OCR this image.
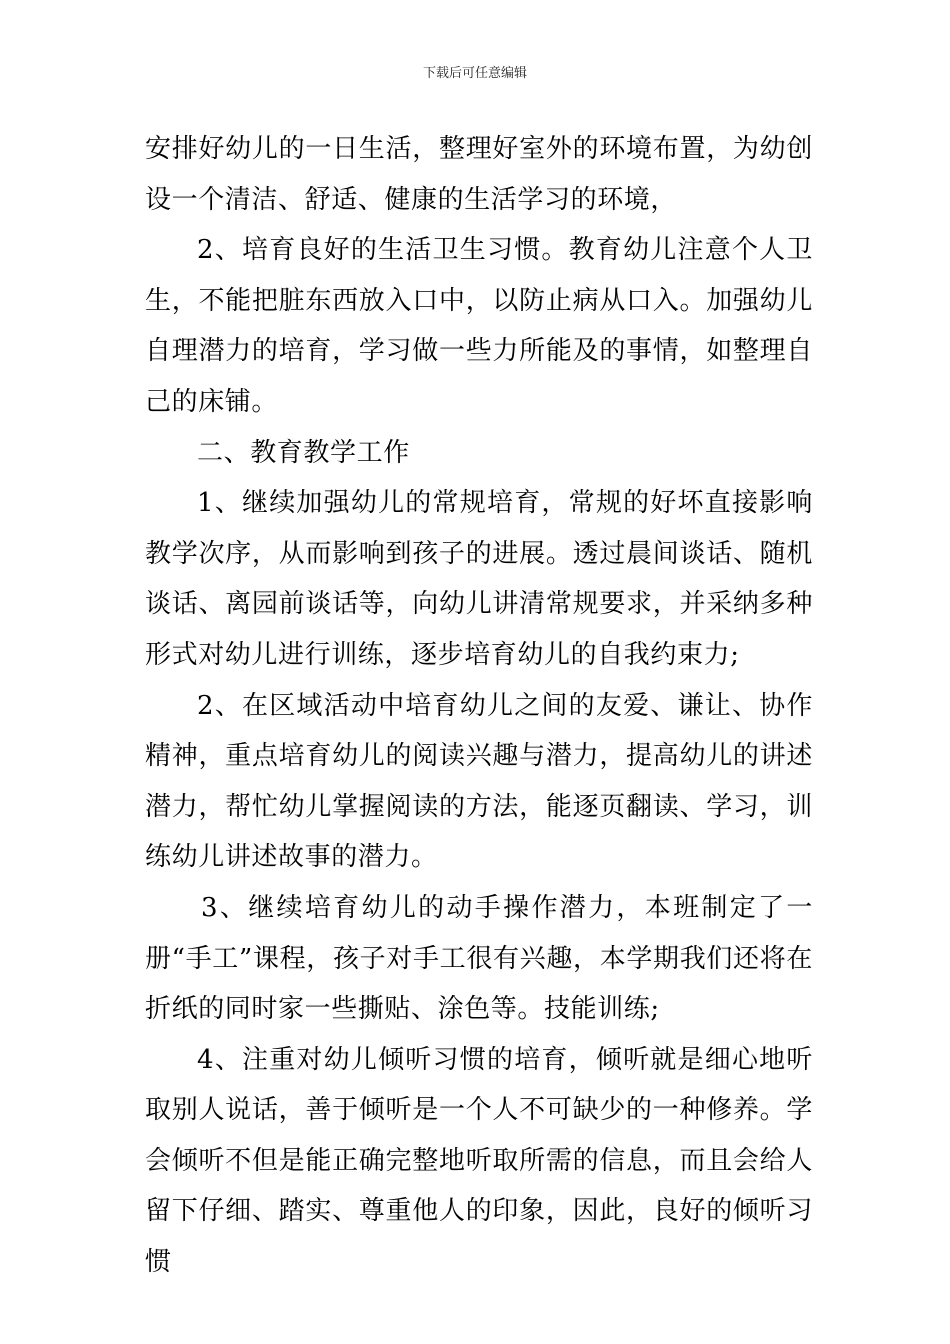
下载后可任意编辑

安排好幼儿的一日生活，整理好室外的环境布置，为幼创设一个清洁、舒适、健康的生活学习的环境，

2、培育良好的生活卫生习惯。教育幼儿注意个人卫生，不能把脏东西放入口中，以防止病从口入。加强幼儿自理潜力的培育，学习做一些力所能及的事情，如整理自己的床铺。

二、教育教学工作

1、继续加强幼儿的常规培育，常规的好坏直接影响教学次序，从而影响到孩子的进展。透过晨间谈话、随机谈话、离园前谈话等，向幼儿讲清常规要求，并采纳多种形式对幼儿进行训练，逐步培育幼儿的自我约束力;

2、在区域活动中培育幼儿之间的友爱、谦让、协作精神，重点培育幼儿的阅读兴趣与潜力，提高幼儿的讲述潜力，帮忙幼儿掌握阅读的方法，能逐页翻读、学习，训练幼儿讲述故事的潜力。

3、继续培育幼儿的动手操作潜力，本班制定了一册“手工”课程，孩子对手工很有兴趣，本学期我们还将在折纸的同时家一些撕贴、涂色等。技能训练;

4、注重对幼儿倾听习惯的培育，倾听就是细心地听取别人说话，善于倾听是一个人不可缺少的一种修养。学会倾听不但是能正确完整地听取所需的信息，而且会给人留下仔细、踏实、尊重他人的印象，因此，良好的倾听习惯
